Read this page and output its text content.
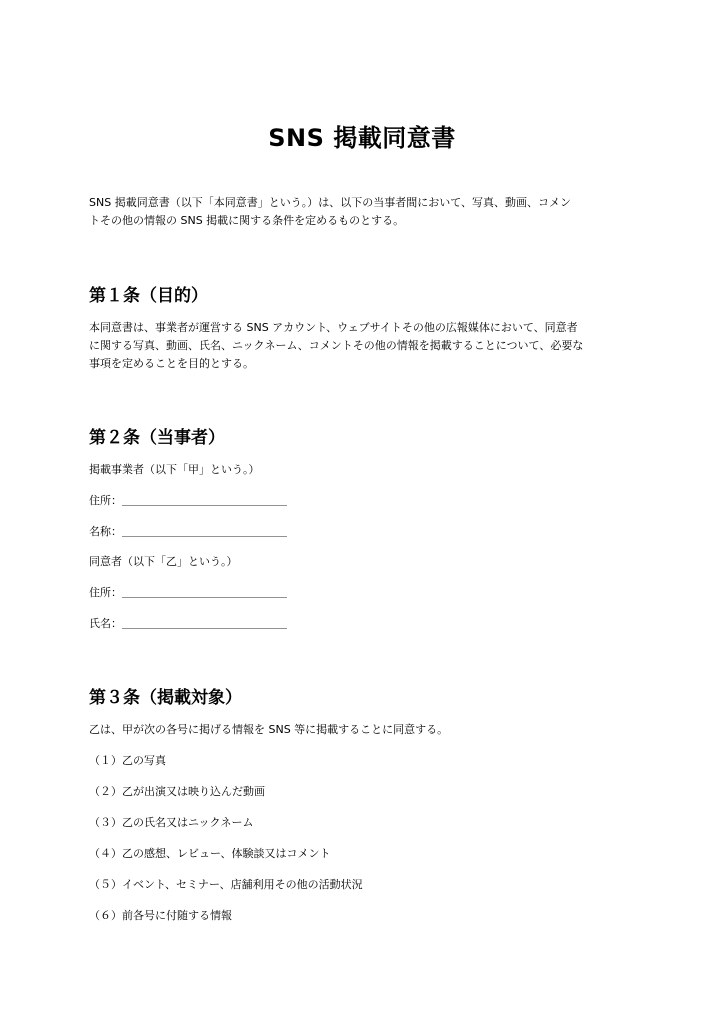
SNS 掲載同意書

SNS 掲載同意書（以下「本同意書」という。）は、以下の当事者間において、写真、動画、コメン

トその他の情報の SNS 掲載に関する条件を定めるものとする。

第１条（目的）

本同意書は、事業者が運営する SNS アカウント、ウェブサイトその他の広報媒体において、同意者

に関する写真、動画、氏名、ニックネーム、コメントその他の情報を掲載することについて、必要な

事項を定めることを目的とする。

第２条（当事者）
掲載事業者（以下「甲」という。）
住所：＿＿＿＿＿＿＿＿＿＿＿＿＿＿＿
名称：＿＿＿＿＿＿＿＿＿＿＿＿＿＿＿
同意者（以下「乙」という。）
住所：＿＿＿＿＿＿＿＿＿＿＿＿＿＿＿
氏名：＿＿＿＿＿＿＿＿＿＿＿＿＿＿＿
第３条（掲載対象）
乙は、甲が次の各号に掲げる情報を SNS 等に掲載することに同意する。
（１）乙の写真
（２）乙が出演又は映り込んだ動画
（３）乙の氏名又はニックネーム
（４）乙の感想、レビュー、体験談又はコメント
（５）イベント、セミナー、店舗利用その他の活動状況
（６）前各号に付随する情報
